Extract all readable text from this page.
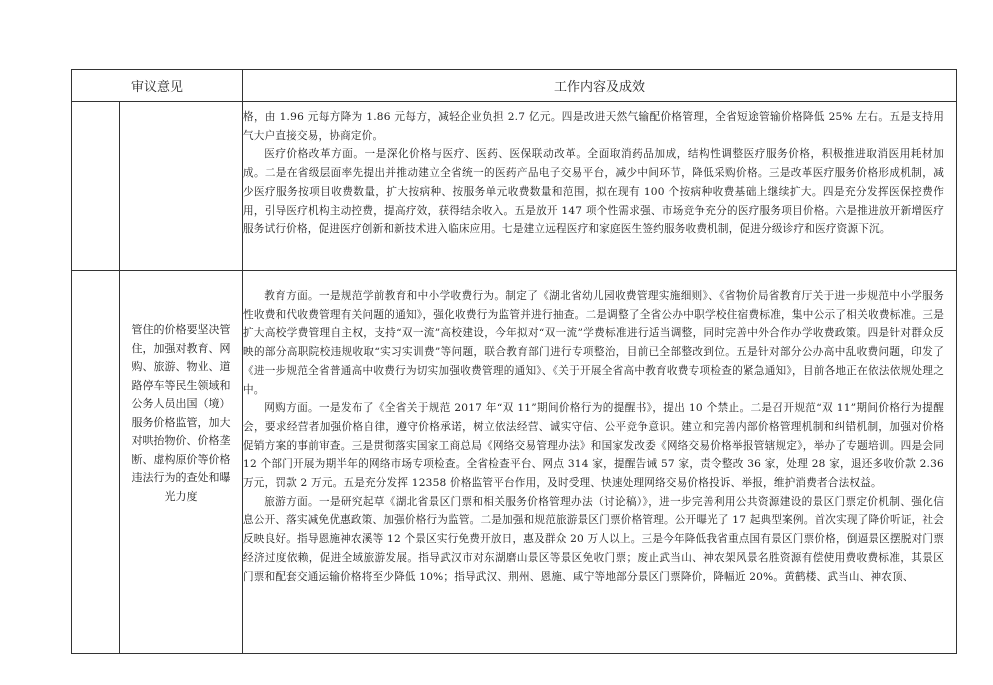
审议意见	工作内容及成效

格，由 1.96 元每方降为 1.86 元每方，减轻企业负担 2.7 亿元。四是改进天然气输配价格管理，全省短途管输价格降低 25% 左右。五是支持用气大户直接交易，协商定价。

医疗价格改革方面。一是深化价格与医疗、医药、医保联动改革。全面取消药品加成，结构性调整医疗服务价格，积极推进取消医用耗材加成。二是在省级层面率先提出并推动建立全省统一的医药产品电子交易平台，减少中间环节，降低采购价格。三是改革医疗服务价格形成机制，减少医疗服务按项目收费数量，扩大按病种、按服务单元收费数量和范围，拟在现有 100 个按病种收费基础上继续扩大。四是充分发挥医保控费作用，引导医疗机构主动控费，提高疗效，获得结余收入。五是放开 147 项个性需求强、市场竞争充分的医疗服务项目价格。六是推进放开新增医疗服务试行价格，促进医疗创新和新技术进入临床应用。七是建立远程医疗和家庭医生签约服务收费机制，促进分级诊疗和医疗资源下沉。

管住的价格要坚决管住，加强对教育、网购、旅游、物业、道路停车等民生领域和公务人员出国（境）服务价格监管，加大对哄抬物价、价格垄断、虚构原价等价格违法行为的查处和曝光力度

教育方面。一是规范学前教育和中小学收费行为。制定了《湖北省幼儿园收费管理实施细则》、《省物价局省教育厅关于进一步规范中小学服务性收费和代收费管理有关问题的通知》，强化收费行为监管并进行抽查。二是调整了全省公办中职学校住宿费标准，集中公示了相关收费标准。三是扩大高校学费管理自主权，支持“双一流”高校建设，今年拟对“双一流”学费标准进行适当调整，同时完善中外合作办学收费政策。四是针对群众反映的部分高职院校违规收取“实习实训费”等问题，联合教育部门进行专项整治，目前已全部整改到位。五是针对部分公办高中乱收费问题，印发了《进一步规范全省普通高中收费行为切实加强收费管理的通知》、《关于开展全省高中教育收费专项检查的紧急通知》，目前各地正在依法依规处理之中。

网购方面。一是发布了《全省关于规范 2017 年“双 11”期间价格行为的提醒书》，提出 10 个禁止。二是召开规范“双 11”期间价格行为提醒会，要求经营者加强价格自律，遵守价格承诺，树立依法经营、诚实守信、公平竞争意识。建立和完善内部价格管理机制和纠错机制，加强对价格促销方案的事前审查。三是贯彻落实国家工商总局《网络交易管理办法》和国家发改委《网络交易价格举报管辖规定》，举办了专题培训。四是会同 12 个部门开展为期半年的网络市场专项检查。全省检查平台、网点 314 家，提醒告诫 57 家，责令整改 36 家，处理 28 家，退还多收价款 2.36 万元，罚款 2 万元。五是充分发挥 12358 价格监管平台作用，及时受理、快速处理网络交易价格投诉、举报，维护消费者合法权益。

旅游方面。一是研究起草《湖北省景区门票和相关服务价格管理办法（讨论稿）》，进一步完善利用公共资源建设的景区门票定价机制、强化信息公开、落实减免优惠政策、加强价格行为监管。二是加强和规范旅游景区门票价格管理。公开曝光了 17 起典型案例。首次实现了降价听证，社会反映良好。指导恩施神农溪等 12 个景区实行免费开放日，惠及群众 20 万人以上。三是今年降低我省重点国有景区门票价格，倒逼景区摆脱对门票经济过度依赖，促进全域旅游发展。指导武汉市对东湖磨山景区等景区免收门票；废止武当山、神农架风景名胜资源有偿使用费收费标准，其景区门票和配套交通运输价格将至少降低 10%；指导武汉、荆州、恩施、咸宁等地部分景区门票降价，降幅近 20%。黄鹤楼、武当山、神农顶、
